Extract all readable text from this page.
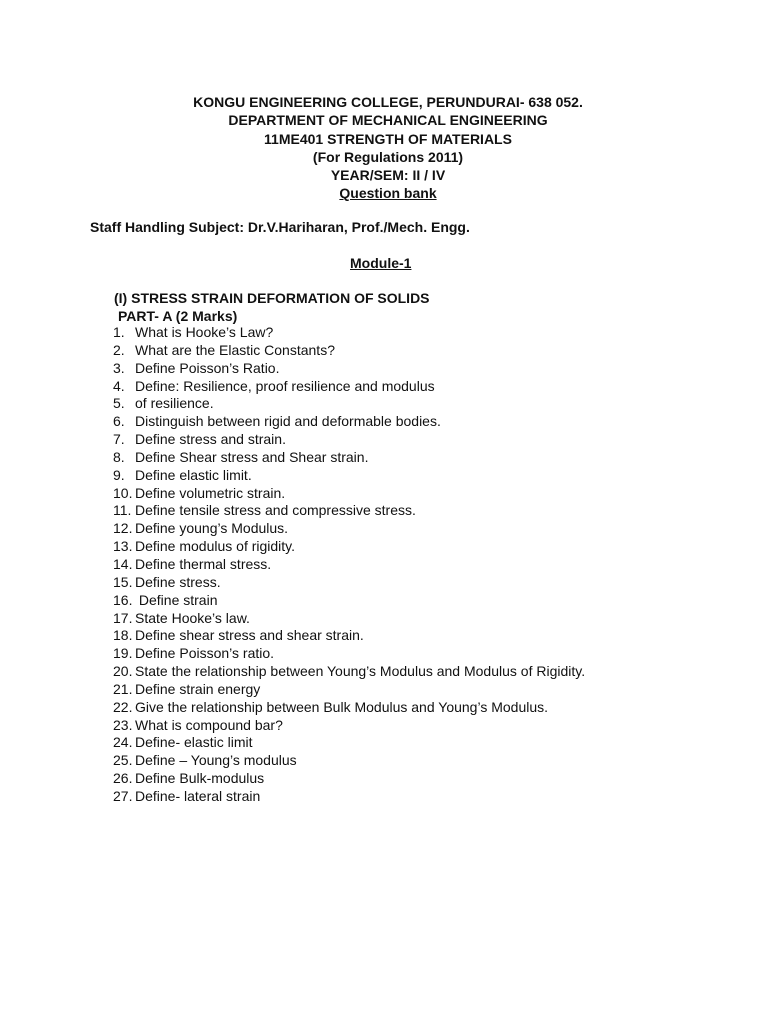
KONGU ENGINEERING COLLEGE, PERUNDURAI- 638 052.
DEPARTMENT OF MECHANICAL ENGINEERING
11ME401 STRENGTH OF MATERIALS
(For Regulations 2011)
YEAR/SEM: II / IV
Question bank
Staff Handling Subject: Dr.V.Hariharan, Prof./Mech. Engg.
Module-1
(I) STRESS STRAIN DEFORMATION OF SOLIDS
PART- A (2 Marks)
1. What is Hooke’s Law?
2. What are the Elastic Constants?
3. Define Poisson’s Ratio.
4. Define: Resilience, proof resilience and modulus
5. of resilience.
6. Distinguish between rigid and deformable bodies.
7. Define stress and strain.
8. Define Shear stress and Shear strain.
9. Define elastic limit.
10. Define volumetric strain.
11. Define tensile stress and compressive stress.
12. Define young’s Modulus.
13. Define modulus of rigidity.
14. Define thermal stress.
15. Define stress.
16. Define strain
17. State Hooke’s law.
18. Define shear stress and shear strain.
19. Define Poisson’s ratio.
20. State the relationship between Young’s Modulus and Modulus of Rigidity.
21. Define strain energy
22. Give the relationship between Bulk Modulus and Young’s Modulus.
23. What is compound bar?
24. Define- elastic limit
25. Define – Young’s modulus
26. Define Bulk-modulus
27. Define- lateral strain
